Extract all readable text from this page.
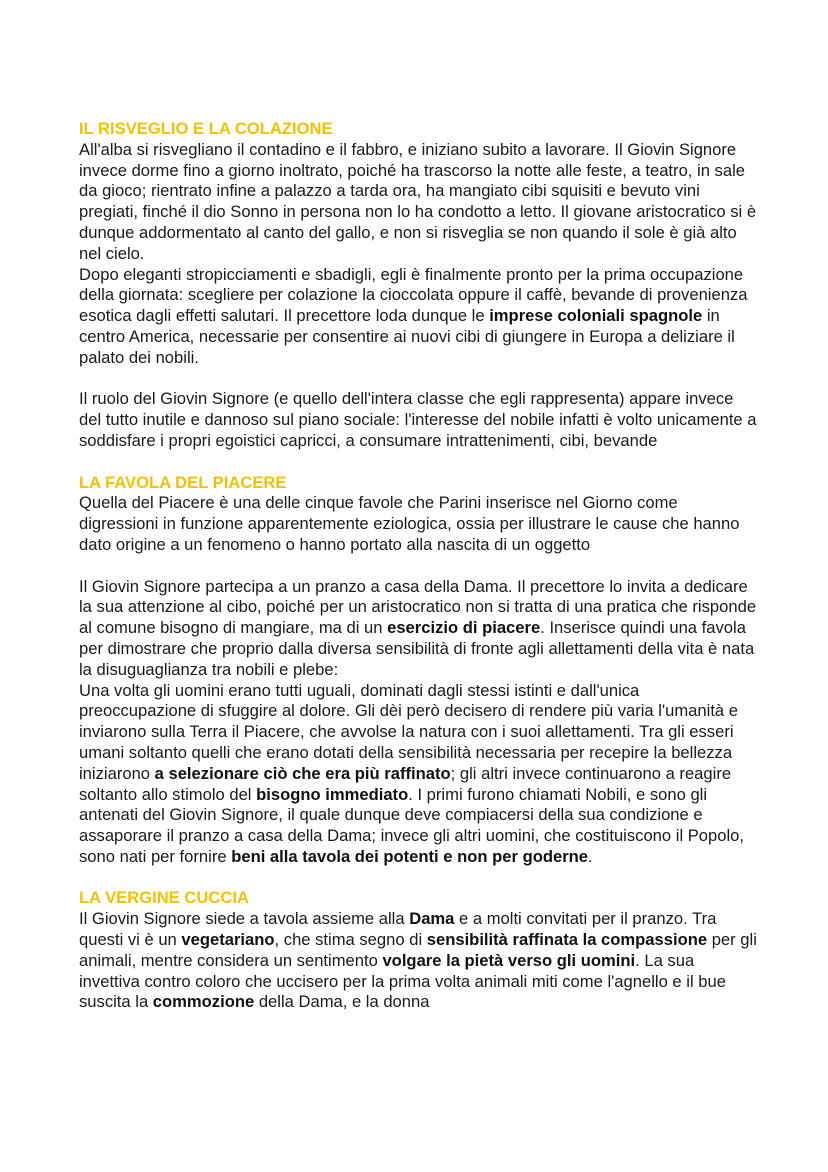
IL RISVEGLIO E LA COLAZIONE

All'alba si risvegliano il contadino e il fabbro, e iniziano subito a lavorare. Il Giovin Signore invece dorme fino a giorno inoltrato, poiché ha trascorso la notte alle feste, a teatro, in sale da gioco; rientrato infine a palazzo a tarda ora, ha mangiato cibi squisiti e bevuto vini pregiati, finché il dio Sonno in persona non lo ha condotto a letto. Il giovane aristocratico si è dunque addormentato al canto del gallo, e non si risveglia se non quando il sole è già alto nel cielo.

Dopo eleganti stropicciamenti e sbadigli, egli è finalmente pronto per la prima occupazione della giornata: scegliere per colazione la cioccolata oppure il caffè, bevande di provenienza esotica dagli effetti salutari. Il precettore loda dunque le imprese coloniali spagnole in centro America, necessarie per consentire ai nuovi cibi di giungere in Europa a deliziare il palato dei nobili.

Il ruolo del Giovin Signore (e quello dell'intera classe che egli rappresenta) appare invece del tutto inutile e dannoso sul piano sociale: l'interesse del nobile infatti è volto unicamente a soddisfare i propri egoistici capricci, a consumare intrattenimenti, cibi, bevande

LA FAVOLA DEL PIACERE

Quella del Piacere è una delle cinque favole che Parini inserisce nel Giorno come digressioni in funzione apparentemente eziologica, ossia per illustrare le cause che hanno dato origine a un fenomeno o hanno portato alla nascita di un oggetto

Il Giovin Signore partecipa a un pranzo a casa della Dama. Il precettore lo invita a dedicare la sua attenzione al cibo, poiché per un aristocratico non si tratta di una pratica che risponde al comune bisogno di mangiare, ma di un esercizio di piacere. Inserisce quindi una favola per dimostrare che proprio dalla diversa sensibilità di fronte agli allettamenti della vita è nata la disuguaglianza tra nobili e plebe:

Una volta gli uomini erano tutti uguali, dominati dagli stessi istinti e dall'unica preoccupazione di sfuggire al dolore. Gli dèi però decisero di rendere più varia l'umanità e inviarono sulla Terra il Piacere, che avvolse la natura con i suoi allettamenti. Tra gli esseri umani soltanto quelli che erano dotati della sensibilità necessaria per recepire la bellezza iniziarono a selezionare ciò che era più raffinato; gli altri invece continuarono a reagire soltanto allo stimolo del bisogno immediato. I primi furono chiamati Nobili, e sono gli antenati del Giovin Signore, il quale dunque deve compiacersi della sua condizione e assaporare il pranzo a casa della Dama; invece gli altri uomini, che costituiscono il Popolo, sono nati per fornire beni alla tavola dei potenti e non per goderne.

LA VERGINE CUCCIA

Il Giovin Signore siede a tavola assieme alla Dama e a molti convitati per il pranzo. Tra questi vi è un vegetariano, che stima segno di sensibilità raffinata la compassione per gli animali, mentre considera un sentimento volgare la pietà verso gli uomini. La sua invettiva contro coloro che uccisero per la prima volta animali miti come l'agnello e il bue suscita la commozione della Dama, e la donna
